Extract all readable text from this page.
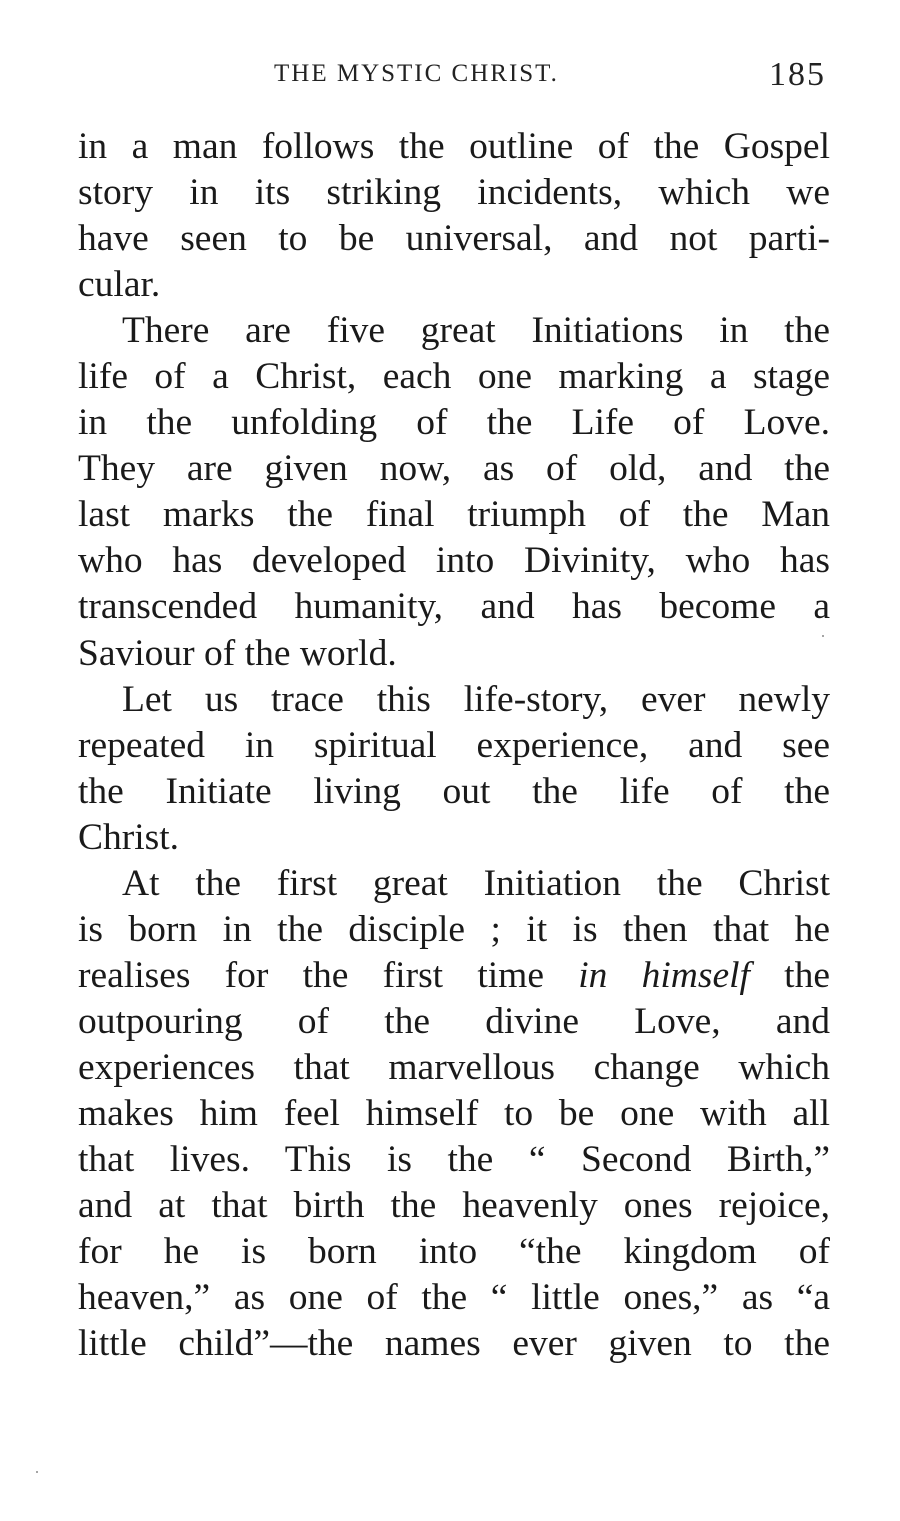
THE MYSTIC CHRIST.	185
in a man follows the outline of the Gospel
story in its striking incidents, which we
have seen to be universal, and not parti-
cular.
There are five great Initiations in the
life of a Christ, each one marking a stage
in the unfolding of the Life of Love.
They are given now, as of old, and the
last marks the final triumph of the Man
who has developed into Divinity, who has
transcended humanity, and has become a
Saviour of the world.
Let us trace this life-story, ever newly
repeated in spiritual experience, and see
the Initiate living out the life of the
Christ.
At the first great Initiation the Christ
is born in the disciple ; it is then that he
realises for the first time in himself the
outpouring of the divine Love, and
experiences that marvellous change which
makes him feel himself to be one with all
that lives. This is the “ Second Birth,”
and at that birth the heavenly ones rejoice,
for he is born into “the kingdom of
heaven,” as one of the “ little ones,” as “a
little child”—the names ever given to the
